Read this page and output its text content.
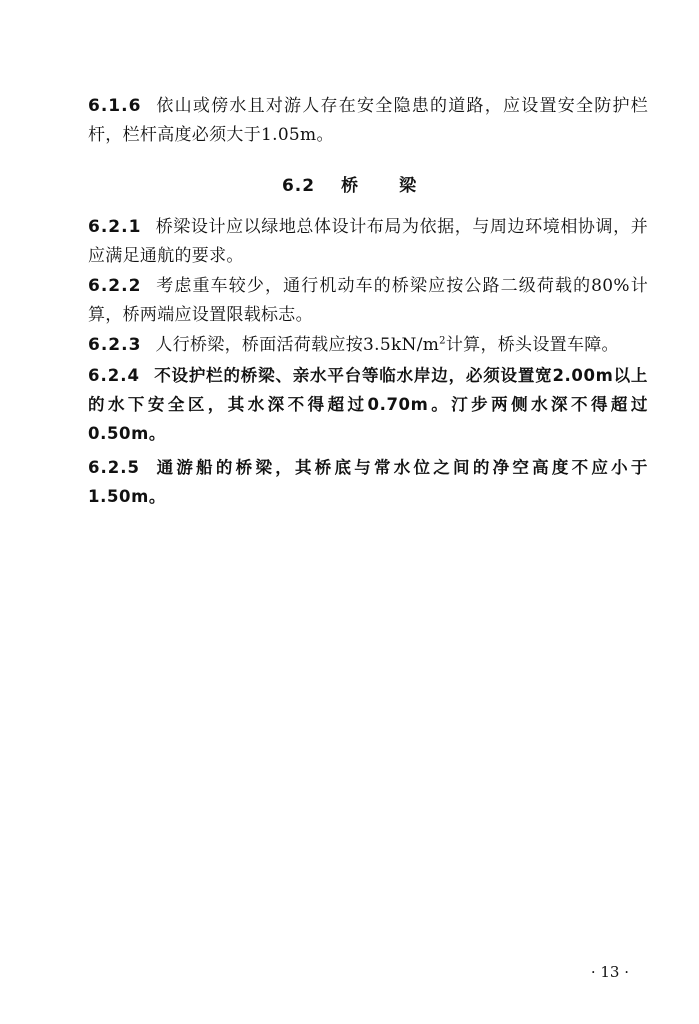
6.1.6 依山或傍水且对游人存在安全隐患的道路，应设置安全防护栏杆，栏杆高度必须大于1.05m。
6.2 桥 梁
6.2.1 桥梁设计应以绿地总体设计布局为依据，与周边环境相协调，并应满足通航的要求。
6.2.2 考虑重车较少，通行机动车的桥梁应按公路二级荷载的80%计算，桥两端应设置限载标志。
6.2.3 人行桥梁，桥面活荷载应按$3.5kN/m^2$计算，桥头设置车障。
6.2.4 不设护栏的桥梁、亲水平台等临水岸边，必须设置宽2.00m以上的水下安全区，其水深不得超过0.70m。汀步两侧水深不得超过0.50m。
6.2.5 通游船的桥梁，其桥底与常水位之间的净空高度不应小于1.50m。
· 13 ·
